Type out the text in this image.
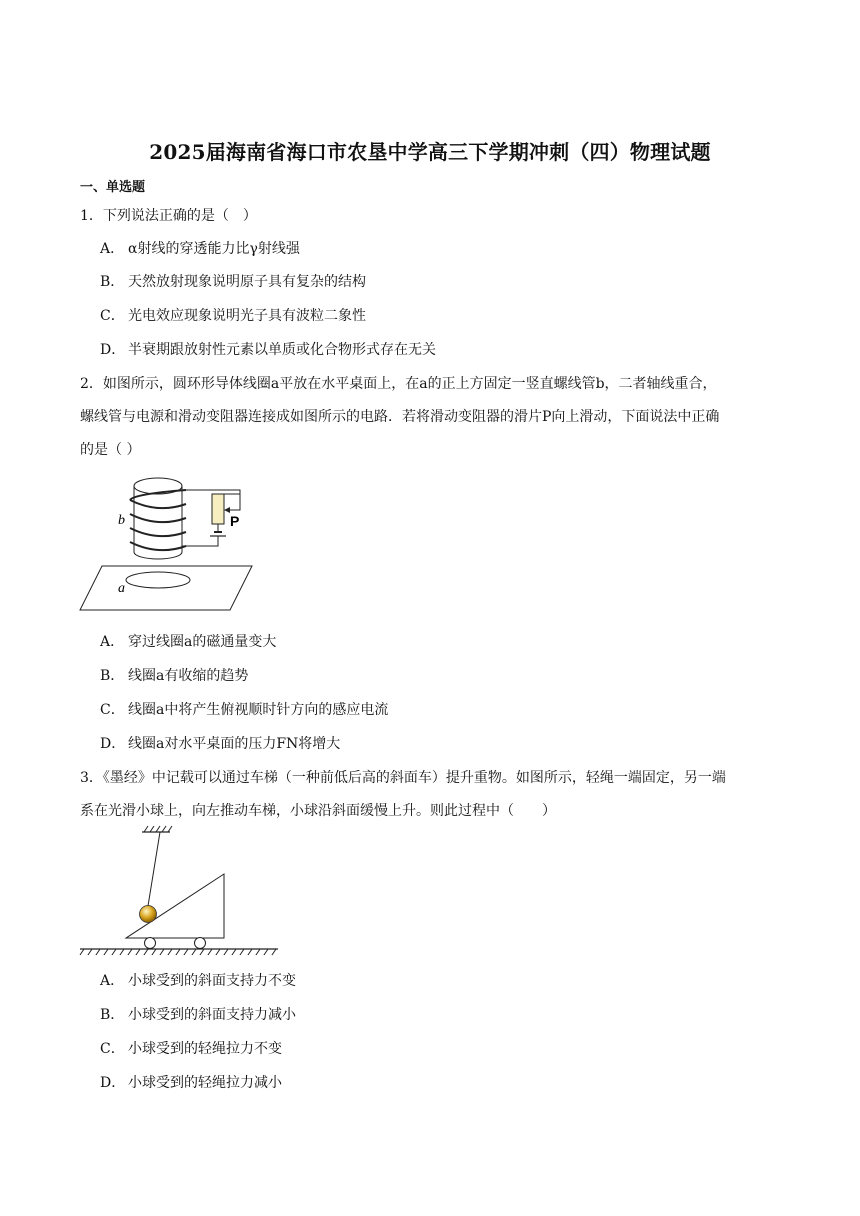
2025届海南省海口市农垦中学高三下学期冲刺（四）物理试题
一、单选题
1．下列说法正确的是（　）
A． α射线的穿透能力比γ射线强
B． 天然放射现象说明原子具有复杂的结构
C． 光电效应现象说明光子具有波粒二象性
D． 半衰期跟放射性元素以单质或化合物形式存在无关
2．如图所示，圆环形导体线圈a平放在水平桌面上，在a的正上方固定一竖直螺线管b，二者轴线重合，
螺线管与电源和滑动变阻器连接成如图所示的电路．若将滑动变阻器的滑片P向上滑动，下面说法中正确
的是（ ）
b
a
P
A． 穿过线圈a的磁通量变大
B． 线圈a有收缩的趋势
C． 线圈a中将产生俯视顺时针方向的感应电流
D． 线圈a对水平桌面的压力FN将增大
3．《墨经》中记载可以通过车梯（一种前低后高的斜面车）提升重物。如图所示，轻绳一端固定，另一端
系在光滑小球上，向左推动车梯，小球沿斜面缓慢上升。则此过程中（　　）
A． 小球受到的斜面支持力不变
B． 小球受到的斜面支持力减小
C． 小球受到的轻绳拉力不变
D． 小球受到的轻绳拉力减小
